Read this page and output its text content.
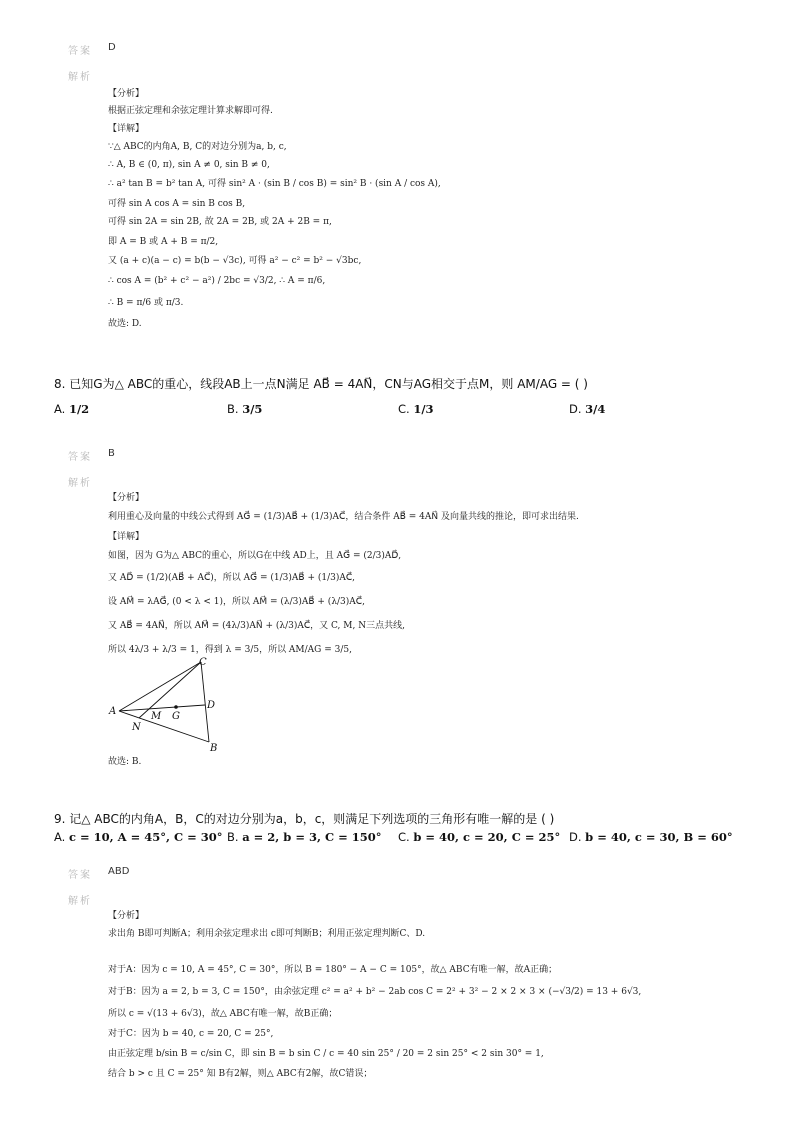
答案 D
解析
【分析】
根据正弦定理和余弦定理计算求解即可得.
【详解】
∵△ ABC的内角A, B, C的对边分别为a, b, c,
∴ A, B ∈ (0, π), sin A ≠ 0, sin B ≠ 0,
∴ a² tan B = b² tan A, 可得 sin² A · (sin B / cos B) = sin² B · (sin A / cos A),
可得 sin A cos A = sin B cos B,
可得 sin 2A = sin 2B, 故 2A = 2B, 或 2A + 2B = π,
即 A = B 或 A + B = π/2,
又 (a + c)(a − c) = b(b − √3c), 可得 a² − c² = b² − √3bc,
∴ cos A = (b² + c² − a²) / 2bc = √3/2, ∴ A = π/6,
∴ B = π/6 或 π/3.
故选: D.
8. 已知G为△ ABC的重心，线段AB上一点N满足 AB⃗ = 4AN⃗，CN与AG相交于点M，则 AM/AG = ( )
A. 1/2	B. 3/5	C. 1/3	D. 3/4
答案 B
解析
【分析】
利用重心及向量的中线公式得到 AG⃗ = (1/3)AB⃗ + (1/3)AC⃗，结合条件 AB⃗ = 4AN⃗ 及向量共线的推论，即可求出结果.
【详解】
如图，因为 G为△ ABC的重心，所以G在中线 AD上，且 AG⃗ = (2/3)AD⃗,
又 AD⃗ = (1/2)(AB⃗ + AC⃗)，所以 AG⃗ = (1/3)AB⃗ + (1/3)AC⃗,
设 AM⃗ = λAG⃗, (0 < λ < 1)，所以 AM⃗ = (λ/3)AB⃗ + (λ/3)AC⃗,
又 AB⃗ = 4AN⃗，所以 AM⃗ = (4λ/3)AN⃗ + (λ/3)AC⃗，又 C, M, N三点共线,
所以 4λ/3 + λ/3 = 1，得到 λ = 3/5，所以 AM/AG = 3/5,
A
B
C
D
G
M
N
故选: B.
9. 记△ ABC的内角A，B，C的对边分别为a，b，c，则满足下列选项的三角形有唯一解的是 ( )
A. c = 10, A = 45°, C = 30° B. a = 2, b = 3, C = 150° C. b = 40, c = 20, C = 25° D. b = 40, c = 30, B = 60°
答案 ABD
解析
【分析】
求出角 B即可判断A；利用余弦定理求出 c即可判断B；利用正弦定理判断C、D.
对于A：因为 c = 10, A = 45°, C = 30°，所以 B = 180° − A − C = 105°，故△ ABC有唯一解，故A正确；
对于B：因为 a = 2, b = 3, C = 150°，由余弦定理 c² = a² + b² − 2ab cos C = 2² + 3² − 2 × 2 × 3 × (−√3/2) = 13 + 6√3,
所以 c = √(13 + 6√3)，故△ ABC有唯一解，故B正确；
对于C：因为 b = 40, c = 20, C = 25°,
由正弦定理 b/sin B = c/sin C，即 sin B = b sin C / c = 40 sin 25° / 20 = 2 sin 25° < 2 sin 30° = 1,
结合 b > c 且 C = 25° 知 B有2解，则△ ABC有2解，故C错误；
